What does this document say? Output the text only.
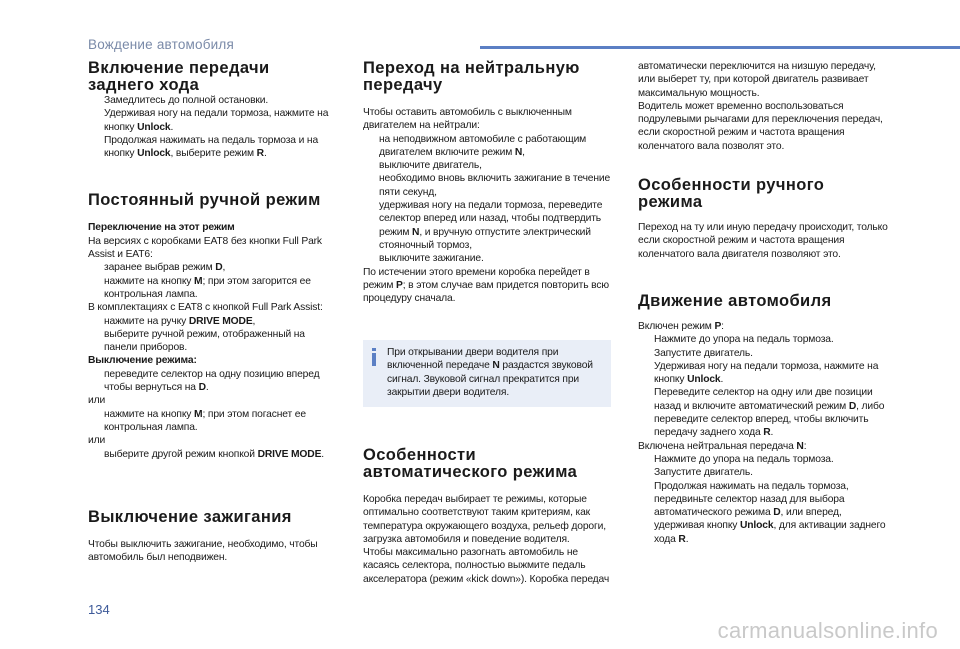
Вождение автомобиля
Включение передачи заднего хода
Замедлитесь до полной остановки.
Удерживая ногу на педали тормоза, нажмите на кнопку Unlock.
Продолжая нажимать на педаль тормоза и на кнопку Unlock, выберите режим R.
Постоянный ручной режим
Переключение на этот режим
На версиях с коробками EAT8 без кнопки Full Park Assist и EAT6:
заранее выбрав режим D,
нажмите на кнопку M; при этом загорится ее контрольная лампа.
В комплектациях с EAT8 с кнопкой Full Park Assist:
нажмите на ручку DRIVE MODE,
выберите ручной режим, отображенный на панели приборов.
Выключение режима:
переведите селектор на одну позицию вперед чтобы вернуться на D.
или
нажмите на кнопку M; при этом погаснет ее контрольная лампа.
или
выберите другой режим кнопкой DRIVE MODE.
Выключение зажигания
Чтобы выключить зажигание, необходимо, чтобы автомобиль был неподвижен.
Переход на нейтральную передачу
Чтобы оставить автомобиль с выключенным двигателем на нейтрали:
на неподвижном автомобиле с работающим двигателем включите режим N,
выключите двигатель,
необходимо вновь включить зажигание в течение пяти секунд,
удерживая ногу на педали тормоза, переведите селектор вперед или назад, чтобы подтвердить режим N, и вручную отпустите электрический стояночный тормоз,
выключите зажигание.
По истечении этого времени коробка перейдет в режим P; в этом случае вам придется повторить всю процедуру сначала.
При открывании двери водителя при включенной передаче N раздастся звуковой сигнал. Звуковой сигнал прекратится при закрытии двери водителя.
Особенности автоматического режима
Коробка передач выбирает те режимы, которые оптимально соответствуют таким критериям, как температура окружающего воздуха, рельеф дороги, загрузка автомобиля и поведение водителя.
Чтобы максимально разогнать автомобиль не касаясь селектора, полностью выжмите педаль акселератора (режим «kick down»). Коробка передач
автоматически переключится на низшую передачу, или выберет ту, при которой двигатель развивает максимальную мощность.
Водитель может временно воспользоваться подрулевыми рычагами для переключения передач, если скоростной режим и частота вращения коленчатого вала позволят это.
Особенности ручного режима
Переход на ту или иную передачу происходит, только если скоростной режим и частота вращения коленчатого вала двигателя позволяют это.
Движение автомобиля
Включен режим P:
Нажмите до упора на педаль тормоза.
Запустите двигатель.
Удерживая ногу на педали тормоза, нажмите на кнопку Unlock.
Переведите селектор на одну или две позиции назад и включите автоматический режим D, либо переведите селектор вперед, чтобы включить передачу заднего хода R.
Включена нейтральная передача N:
Нажмите до упора на педаль тормоза.
Запустите двигатель.
Продолжая нажимать на педаль тормоза, передвиньте селектор назад для выбора автоматического режима D, или вперед, удерживая кнопку Unlock, для активации заднего хода R.
134
carmanualsonline.info
